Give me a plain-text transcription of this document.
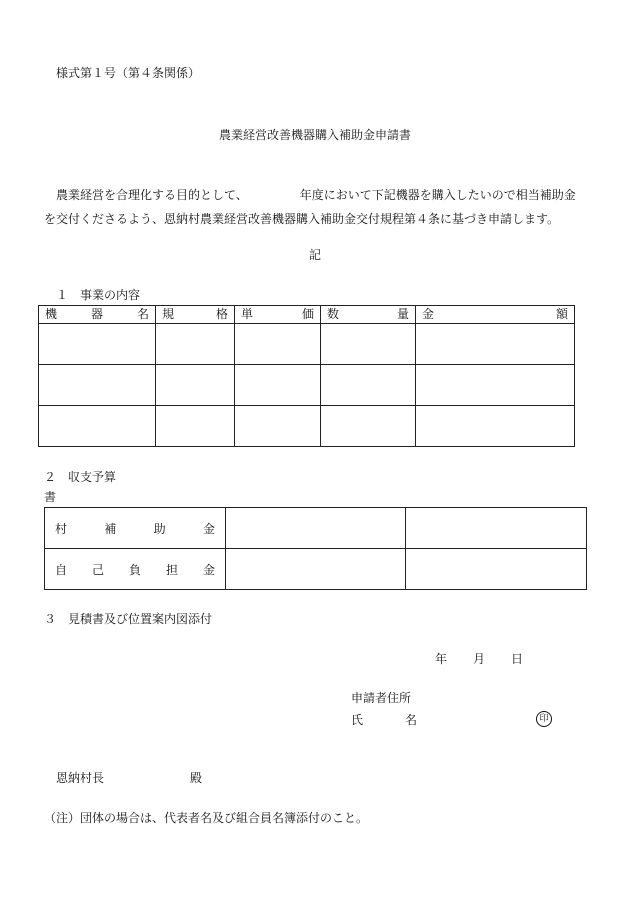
様式第１号（第４条関係）
農業経営改善機器購入補助金申請書
農業経営を合理化する目的として、	年度において下記機器を購入したいので相当補助金
を交付くださるよう、恩納村農業経営改善機器購入補助金交付規程第４条に基づき申請します。
記
１　事業の内容
機 器 名	規 格	単 価	数 量	金 額

２　収支予算
書
村 補 助 金		

自 己 負 担 金		

３　見積書及び位置案内図添付
年 月 日
申請者住所
氏	名	印
恩納村長	殿
（注）団体の場合は、代表者名及び組合員名簿添付のこと。
